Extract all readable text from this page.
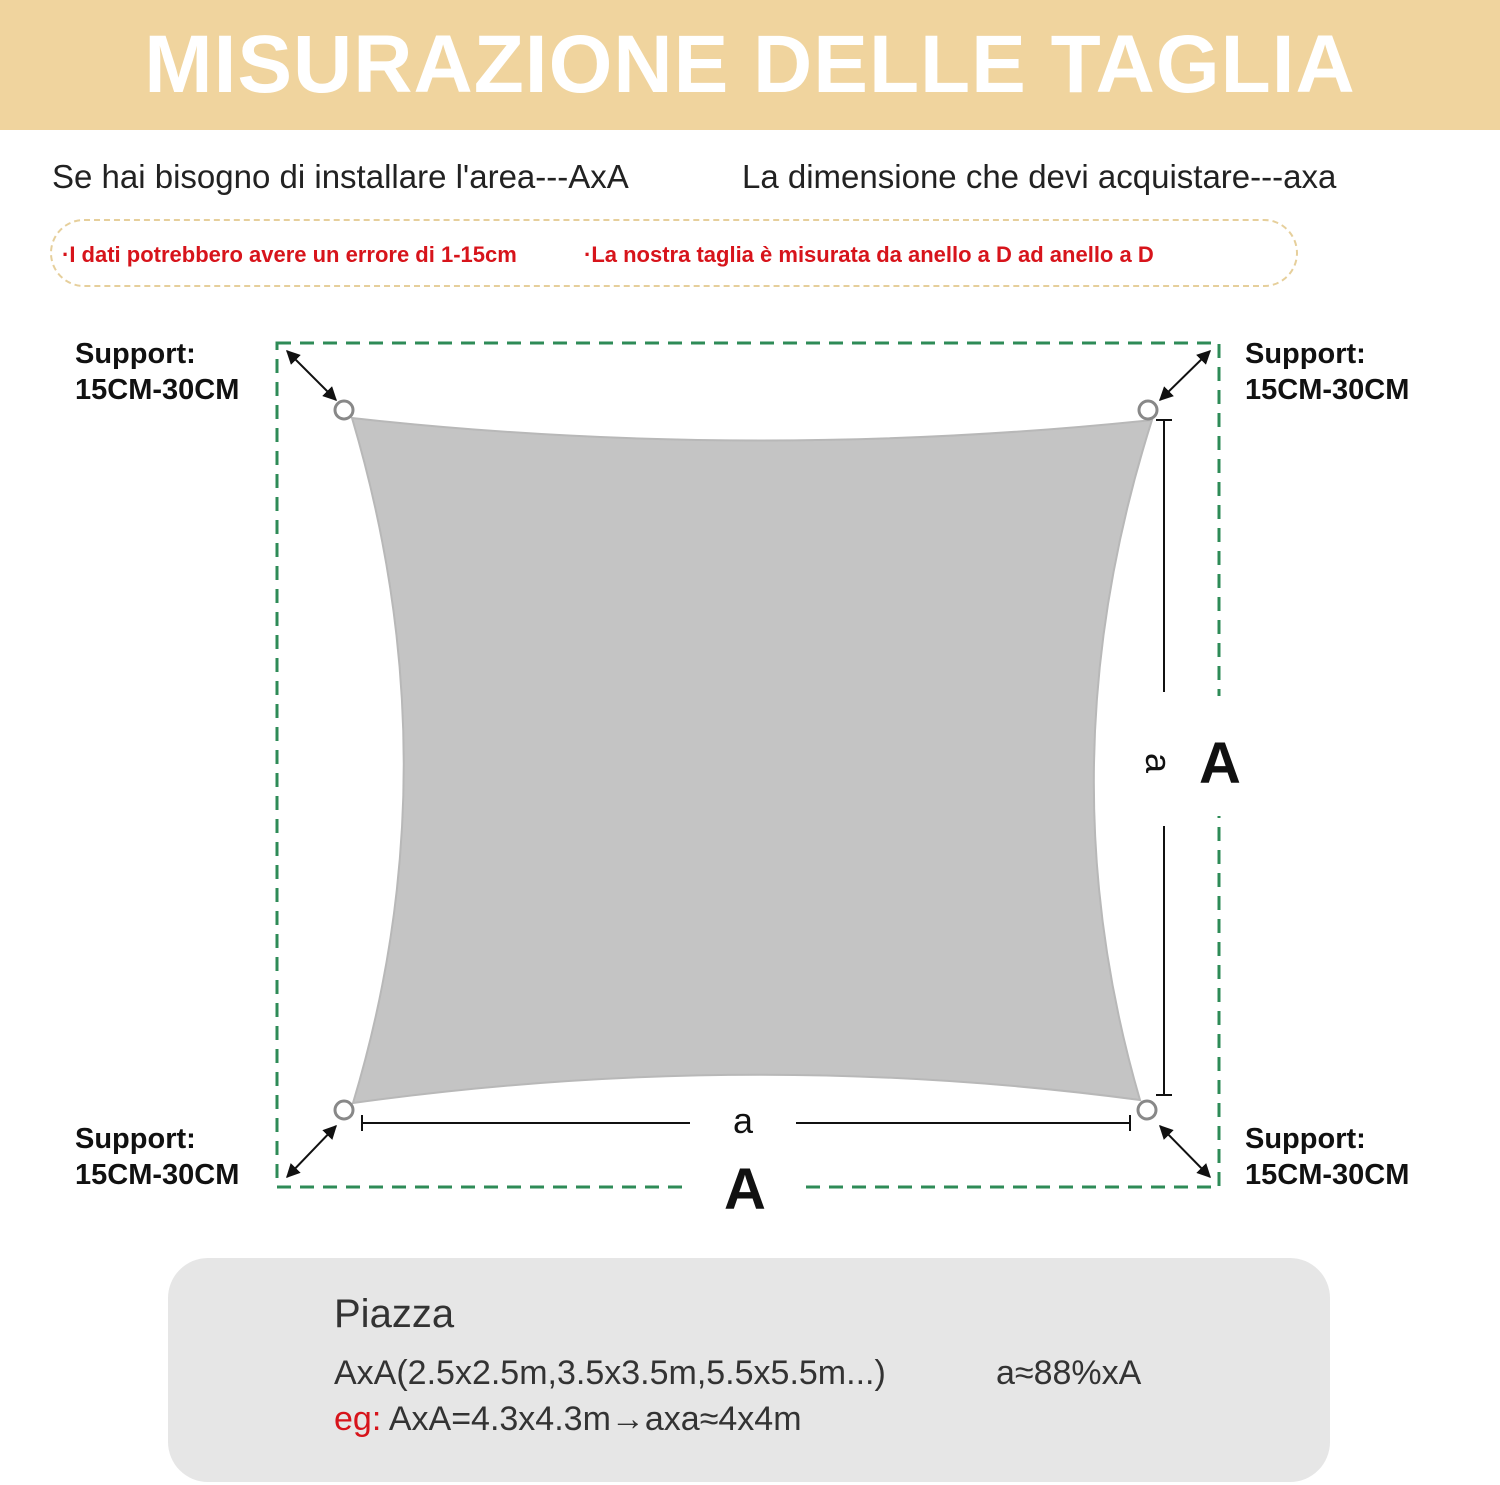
MISURAZIONE DELLE TAGLIA
Se hai bisogno di installare l'area---AxA	La dimensione che devi acquistare---axa
·I dati potrebbero avere un errore di 1-15cm	·La nostra taglia è misurata da anello a D ad anello a D
a
A
a A
Support:
15CM-30CM
Support:
15CM-30CM
Support:
15CM-30CM
Support:
15CM-30CM
Piazza
AxA(2.5x2.5m,3.5x3.5m,5.5x5.5m...)	a≈88%xA
eg: AxA=4.3x4.3m→axa≈4x4m
